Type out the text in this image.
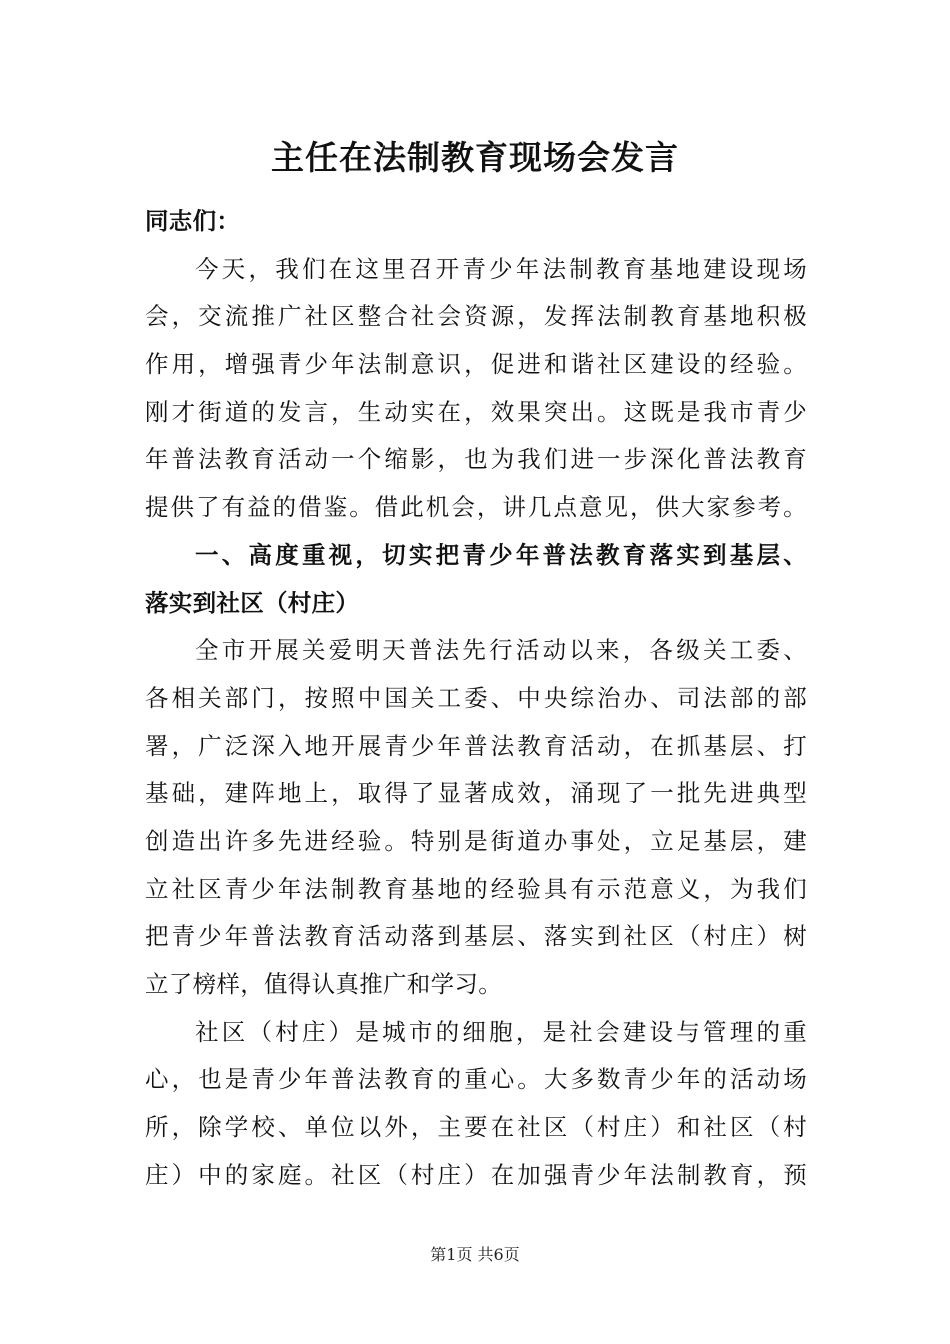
主任在法制教育现场会发言
同志们：
今天，我们在这里召开青少年法制教育基地建设现场
会，交流推广社区整合社会资源，发挥法制教育基地积极
作用，增强青少年法制意识，促进和谐社区建设的经验。
刚才街道的发言，生动实在，效果突出。这既是我市青少
年普法教育活动一个缩影，也为我们进一步深化普法教育
提供了有益的借鉴。借此机会，讲几点意见，供大家参考。
一、高度重视，切实把青少年普法教育落实到基层、
落实到社区（村庄）
全市开展关爱明天普法先行活动以来，各级关工委、
各相关部门，按照中国关工委、中央综治办、司法部的部
署，广泛深入地开展青少年普法教育活动，在抓基层、打
基础，建阵地上，取得了显著成效，涌现了一批先进典型
创造出许多先进经验。特别是街道办事处，立足基层，建
立社区青少年法制教育基地的经验具有示范意义，为我们
把青少年普法教育活动落到基层、落实到社区（村庄）树
立了榜样，值得认真推广和学习。
社区（村庄）是城市的细胞，是社会建设与管理的重
心，也是青少年普法教育的重心。大多数青少年的活动场
所，除学校、单位以外，主要在社区（村庄）和社区（村
庄）中的家庭。社区（村庄）在加强青少年法制教育，预
第1页 共6页
